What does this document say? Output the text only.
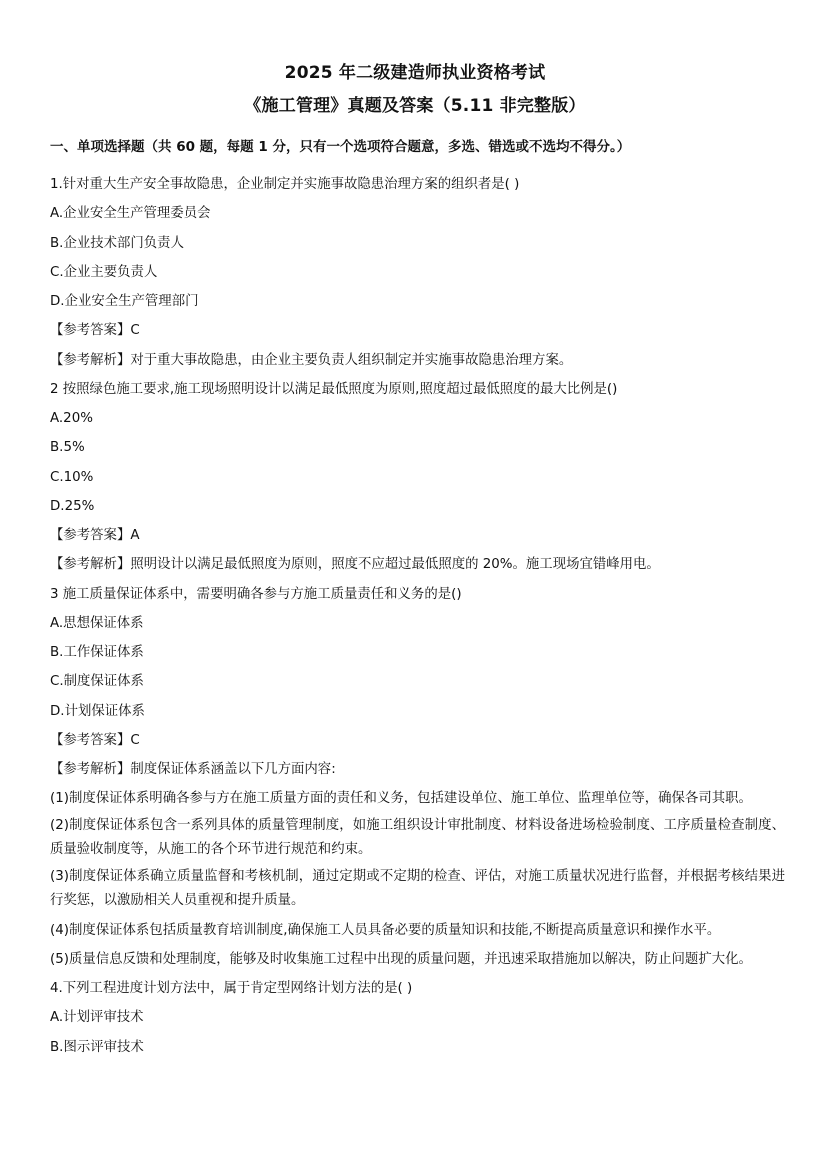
2025 年二级建造师执业资格考试
《施工管理》真题及答案（5.11 非完整版）
一、单项选择题（共 60 题，每题 1 分，只有一个选项符合题意，多选、错选或不选均不得分。）
1.针对重大生产安全事故隐患，企业制定并实施事故隐患治理方案的组织者是( )
A.企业安全生产管理委员会
B.企业技术部门负责人
C.企业主要负责人
D.企业安全生产管理部门
【参考答案】C
【参考解析】对于重大事故隐患，由企业主要负责人组织制定并实施事故隐患治理方案。
2 按照绿色施工要求,施工现场照明设计以满足最低照度为原则,照度超过最低照度的最大比例是()
A.20%
B.5%
C.10%
D.25%
【参考答案】A
【参考解析】照明设计以满足最低照度为原则，照度不应超过最低照度的 20%。施工现场宜错峰用电。
3 施工质量保证体系中，需要明确各参与方施工质量责任和义务的是()
A.思想保证体系
B.工作保证体系
C.制度保证体系
D.计划保证体系
【参考答案】C
【参考解析】制度保证体系涵盖以下几方面内容:
(1)制度保证体系明确各参与方在施工质量方面的责任和义务，包括建设单位、施工单位、监理单位等，确保各司其职。
(2)制度保证体系包含一系列具体的质量管理制度，如施工组织设计审批制度、材料设备进场检验制度、工序质量检查制度、质量验收制度等，从施工的各个环节进行规范和约束。
(3)制度保证体系确立质量监督和考核机制，通过定期或不定期的检查、评估，对施工质量状况进行监督，并根据考核结果进行奖惩，以激励相关人员重视和提升质量。
(4)制度保证体系包括质量教育培训制度,确保施工人员具备必要的质量知识和技能,不断提高质量意识和操作水平。
(5)质量信息反馈和处理制度，能够及时收集施工过程中出现的质量问题，并迅速采取措施加以解决，防止问题扩大化。
4.下列工程进度计划方法中，属于肯定型网络计划方法的是( )
A.计划评审技术
B.图示评审技术
